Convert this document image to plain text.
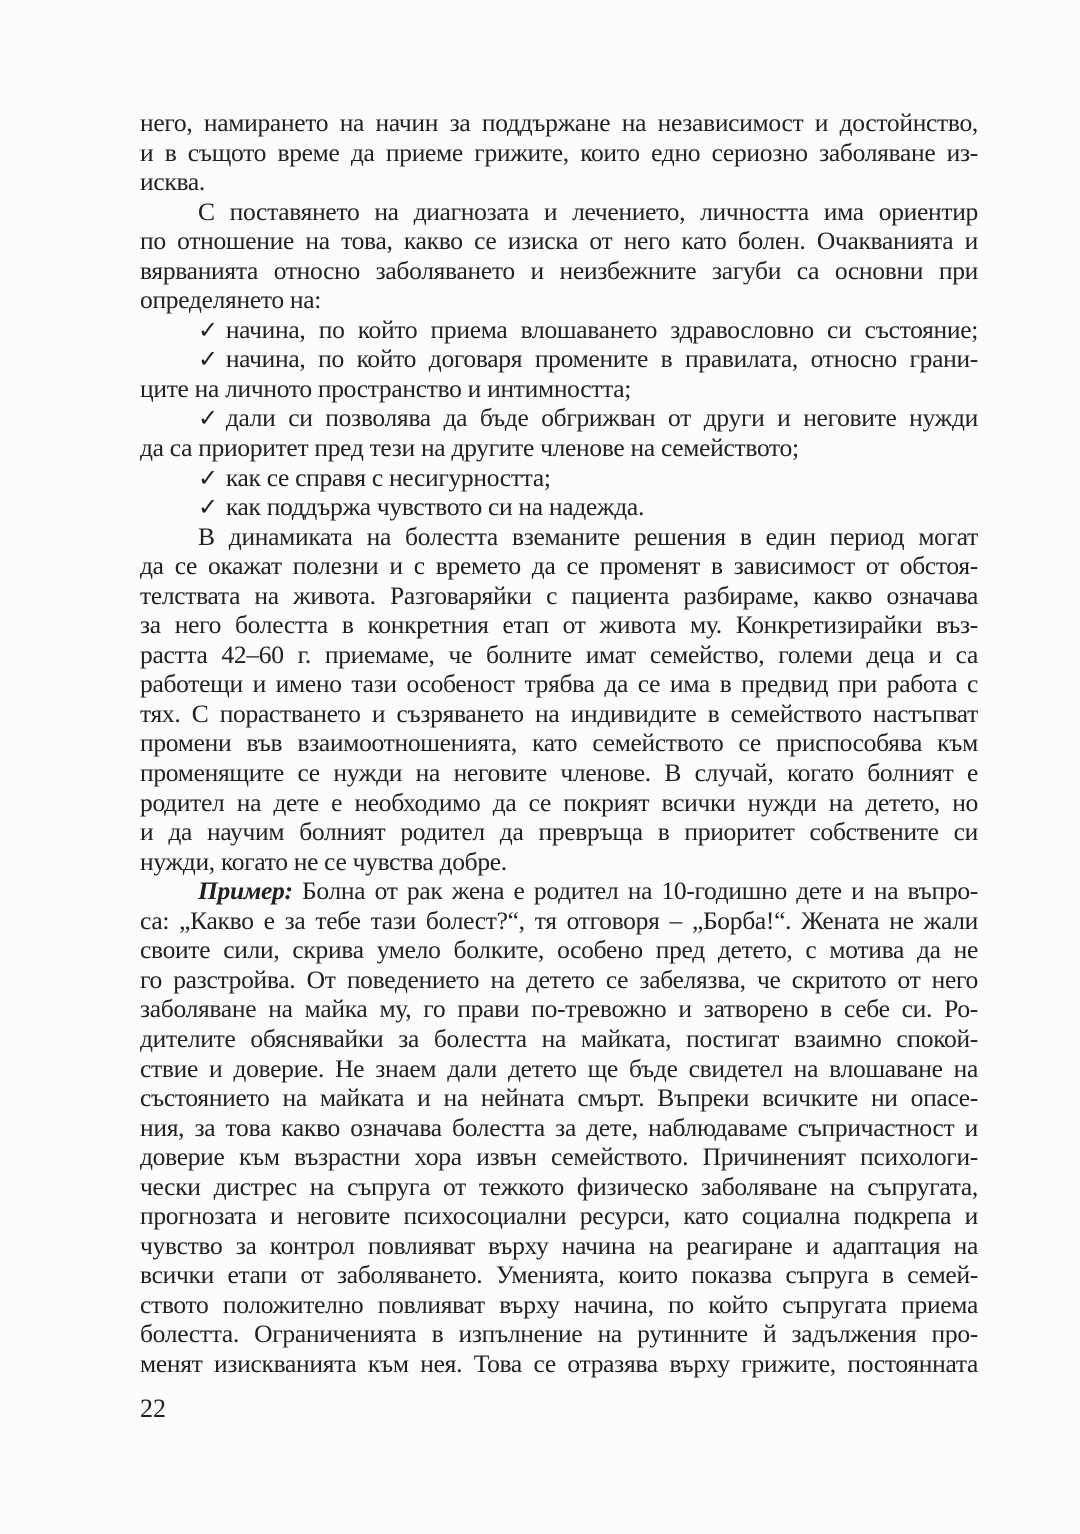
него, намирането на начин за поддържане на независимост и достойнство,
и в същото време да приеме грижите, които едно сериозно заболяване из-
исква.
С поставянето на диагнозата и лечението, личността има ориентир
по отношение на това, какво се изиска от него като болен. Очакванията и
вярванията относно заболяването и неизбежните загуби са основни при
определянето на:
✓ начина, по който приема влошаването здравословно си състояние;
✓ начина, по който договаря промените в правилата, относно грани-
ците на личното пространство и интимността;
✓ дали си позволява да бъде обгрижван от други и неговите нужди
да са приоритет пред тези на другите членове на семейството;
✓ как се справя с несигурността;
✓ как поддържа чувството си на надежда.
В динамиката на болестта вземаните решения в един период могат
да се окажат полезни и с времето да се променят в зависимост от обстоя-
телствата на живота. Разговаряйки с пациента разбираме, какво означава
за него болестта в конкретния етап от живота му. Конкретизирайки въз-
растта 42–60 г. приемаме, че болните имат семейство, големи деца и са
работещи и имено тази особеност трябва да се има в предвид при работа с
тях. С порастването и съзряването на индивидите в семейството настъпват
промени във взаимоотношенията, като семейството се приспособява към
променящите се нужди на неговите членове. В случай, когато болният е
родител на дете е необходимо да се покрият всички нужди на детето, но
и да научим болният родител да превръща в приоритет собствените си
нужди, когато не се чувства добре.
Пример: Болна от рак жена е родител на 10-годишно дете и на въпро-
са: „Какво е за тебе тази болест?“, тя отговоря – „Борба!“. Жената не жали
своите сили, скрива умело болките, особено пред детето, с мотива да не
го разстройва. От поведението на детето се забелязва, че скритото от него
заболяване на майка му, го прави по-тревожно и затворено в себе си. Ро-
дителите обяснявайки за болестта на майката, постигат взаимно спокой-
ствие и доверие. Не знаем дали детето ще бъде свидетел на влошаване на
състоянието на майката и на нейната смърт. Въпреки всичките ни опасе-
ния, за това какво означава болестта за дете, наблюдаваме съпричастност и
доверие към възрастни хора извън семейството. Причиненият психологи-
чески дистрес на съпруга от тежкото физическо заболяване на съпругата,
прогнозата и неговите психосоциални ресурси, като социална подкрепа и
чувство за контрол повлияват върху начина на реагиране и адаптация на
всички етапи от заболяването. Уменията, които показва съпруга в семей-
ството положително повлияват върху начина, по който съпругата приема
болестта. Ограниченията в изпълнение на рутинните й задължения про-
менят изискванията към нея. Това се отразява върху грижите, постоянната
22
